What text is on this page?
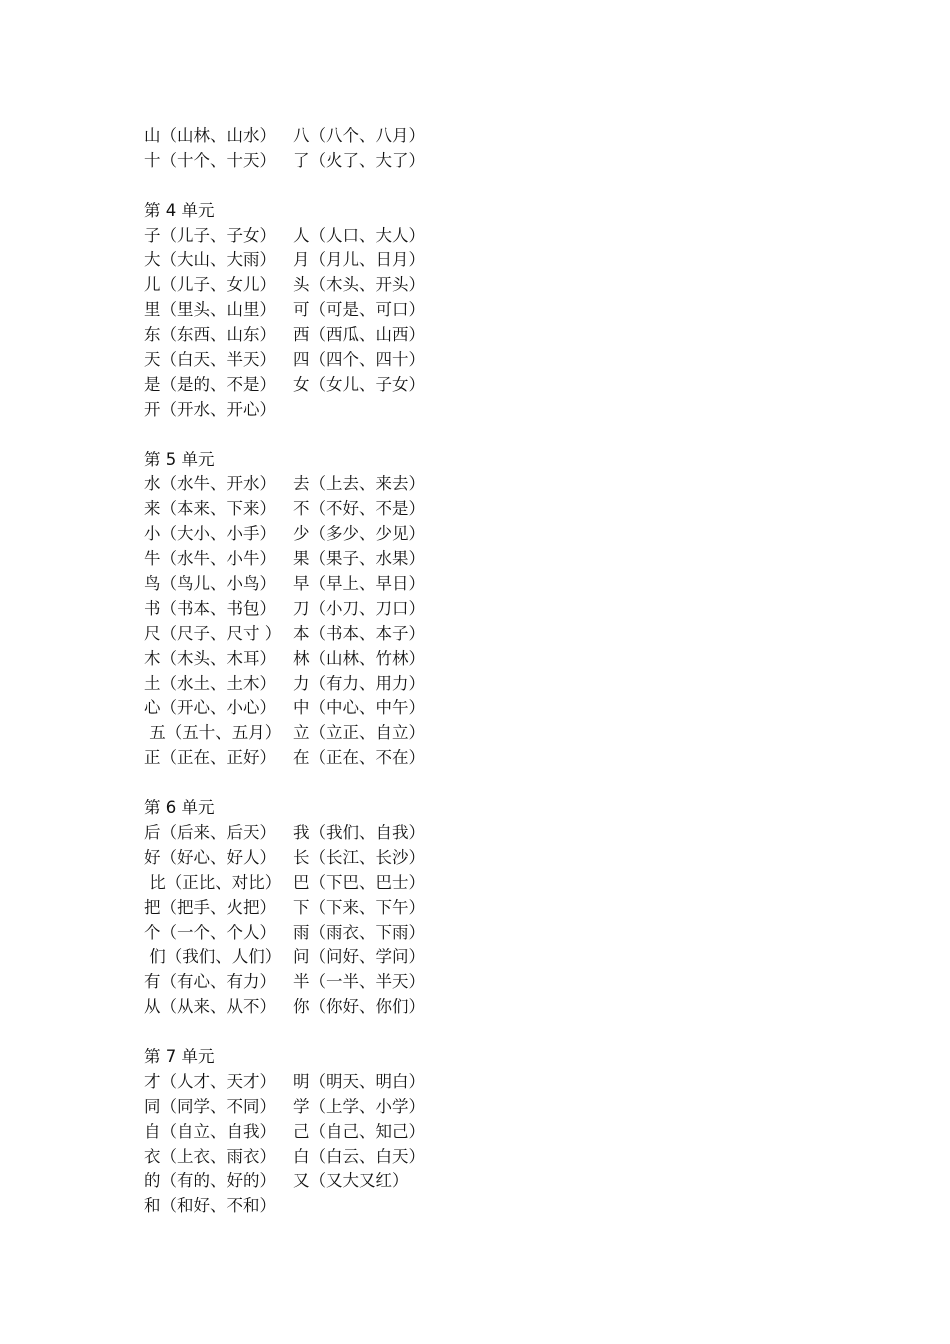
山（山林、山水）	八（八个、八月）
十（十个、十天）	了（火了、大了）
第 4 单元
子（儿子、子女）	人（人口、大人）
大（大山、大雨）	月（月儿、日月）
儿（儿子、女儿）	头（木头、开头）
里（里头、山里）	可（可是、可口）
东（东西、山东）	西（西瓜、山西）
天（白天、半天）	四（四个、四十）
是（是的、不是）	女（女儿、子女）
开（开水、开心）
第 5 单元
水（水牛、开水）	去（上去、来去）
来（本来、下来）	不（不好、不是）
小（大小、小手）	少（多少、少见）
牛（水牛、小牛）	果（果子、水果）
鸟（鸟儿、小鸟）	早（早上、早日）
书（书本、书包）	刀（小刀、刀口）
尺（尺子、尺寸 ） 本（书本、本子）
木（木头、木耳）	林（山林、竹林）
土（水土、土木）	力（有力、用力）
心（开心、小心）	中（中心、中午）
五（五十、五月） 立（立正、自立）
正（正在、正好）	在（正在、不在）
第 6 单元
后（后来、后天）	我（我们、自我）
好（好心、好人）	长（长江、长沙）
比（正比、对比） 巴（下巴、巴士）
把（把手、火把）	下（下来、下午）
个（一个、个人）	雨（雨衣、下雨）
们（我们、人们） 问（问好、学问）
有（有心、有力）	半（一半、半天）
从（从来、从不）	你（你好、你们）
第 7 单元
才（人才、天才）	明（明天、明白）
同（同学、不同）	学（上学、小学）
自（自立、自我）	己（自己、知己）
衣（上衣、雨衣）	白（白云、白天）
的（有的、好的）	又（又大又红）
和（和好、不和）
